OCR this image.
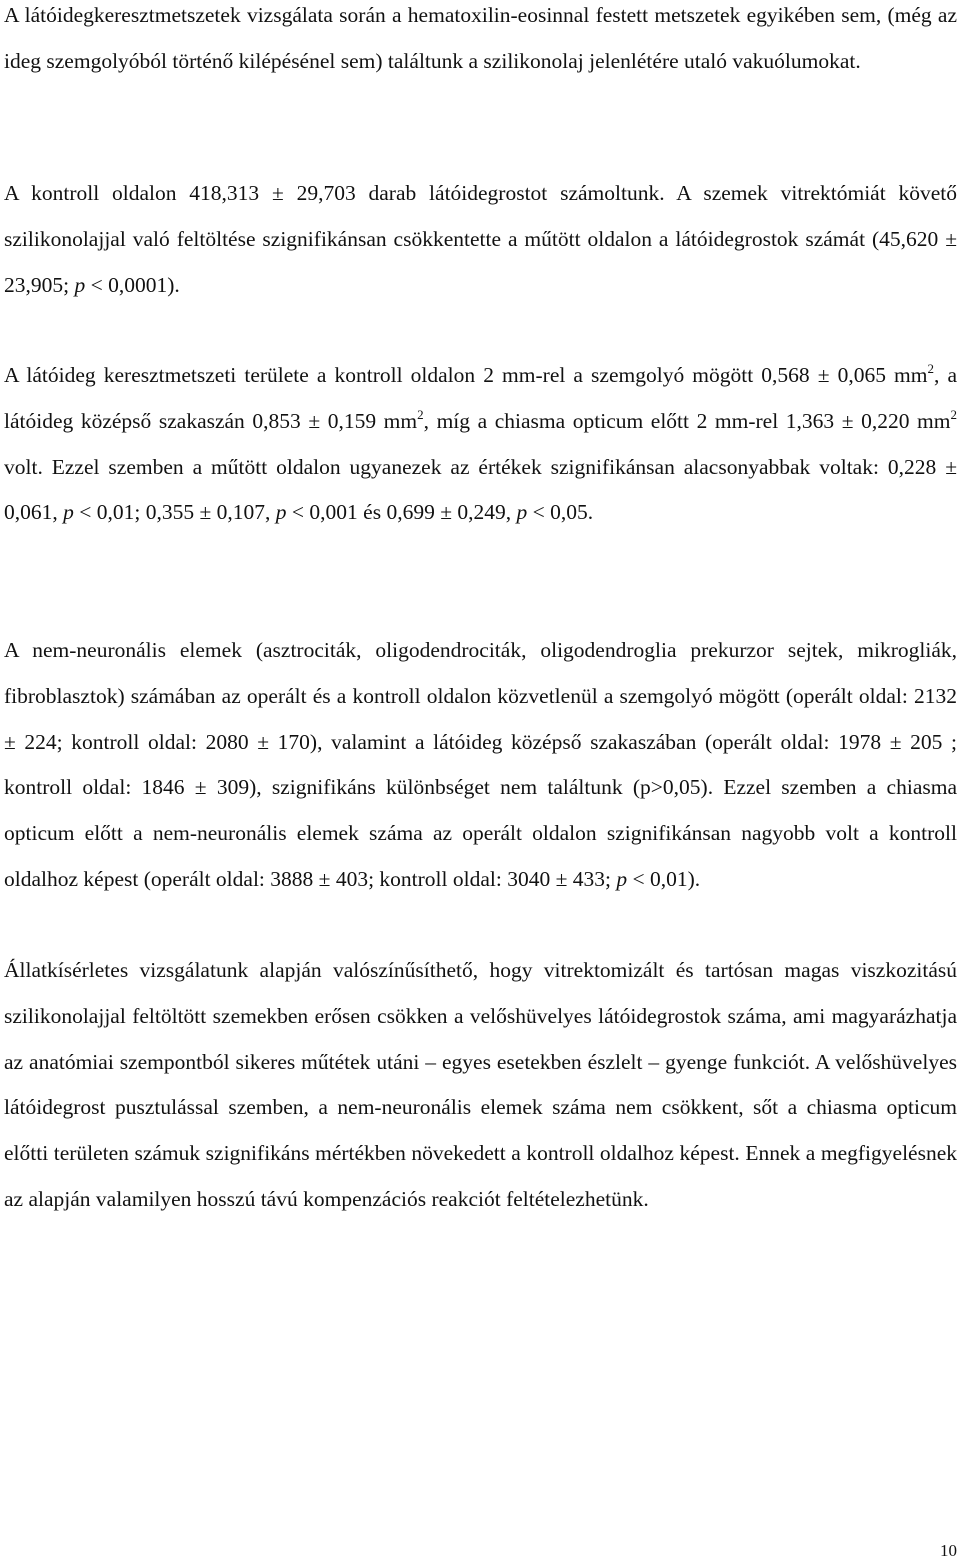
A látóidegkeresztmetszetek vizsgálata során a hematoxilin-eosinnal festett metszetek egyikében sem, (még az ideg szemgolyóból történő kilépésénel sem) találtunk a szilikonolaj jelenlétére utaló vakuólumokat.

A kontroll oldalon 418,313 ± 29,703 darab látóidegrostot számoltunk. A szemek vitrektómiát követő szilikonolajjal való feltöltése szignifikánsan csökkentette a műtött oldalon a látóidegrostok számát (45,620 ± 23,905; p < 0,0001).

A látóideg keresztmetszeti területe a kontroll oldalon 2 mm-rel a szemgolyó mögött 0,568 ± 0,065 $mm^2$, a látóideg középső szakaszán 0,853 ± 0,159 $mm^2$, míg a chiasma opticum előtt 2 mm-rel 1,363 ± 0,220 $mm^2$ volt. Ezzel szemben a műtött oldalon ugyanezek az értékek szignifikánsan alacsonyabbak voltak: 0,228 ± 0,061, p < 0,01; 0,355 ± 0,107, p < 0,001 és 0,699 ± 0,249, p < 0,05.

A nem-neuronális elemek (asztrociták, oligodendrociták, oligodendroglia prekurzor sejtek, mikrogliák, fibroblasztok) számában az operált és a kontroll oldalon közvetlenül a szemgolyó mögött (operált oldal: 2132 ± 224; kontroll oldal: 2080 ± 170), valamint a látóideg középső szakaszában (operált oldal: 1978 ± 205 ; kontroll oldal: 1846 ± 309), szignifikáns különbséget nem találtunk (p>0,05). Ezzel szemben a chiasma opticum előtt a nem-neuronális elemek száma az operált oldalon szignifikánsan nagyobb volt a kontroll oldalhoz képest (operált oldal: 3888 ± 403; kontroll oldal: 3040 ± 433; p < 0,01).

Állatkísérletes vizsgálatunk alapján valószínűsíthető, hogy vitrektomizált és tartósan magas viszkozitású szilikonolajjal feltöltött szemekben erősen csökken a velőshüvelyes látóidegrostok száma, ami magyarázhatja az anatómiai szempontból sikeres műtétek utáni – egyes esetekben észlelt – gyenge funkciót. A velőshüvelyes látóidegrost pusztulással szemben, a nem-neuronális elemek száma nem csökkent, sőt a chiasma opticum előtti területen számuk szignifikáns mértékben növekedett a kontroll oldalhoz képest. Ennek a megfigyelésnek az alapján valamilyen hosszú távú kompenzációs reakciót feltételezhetünk.

10
